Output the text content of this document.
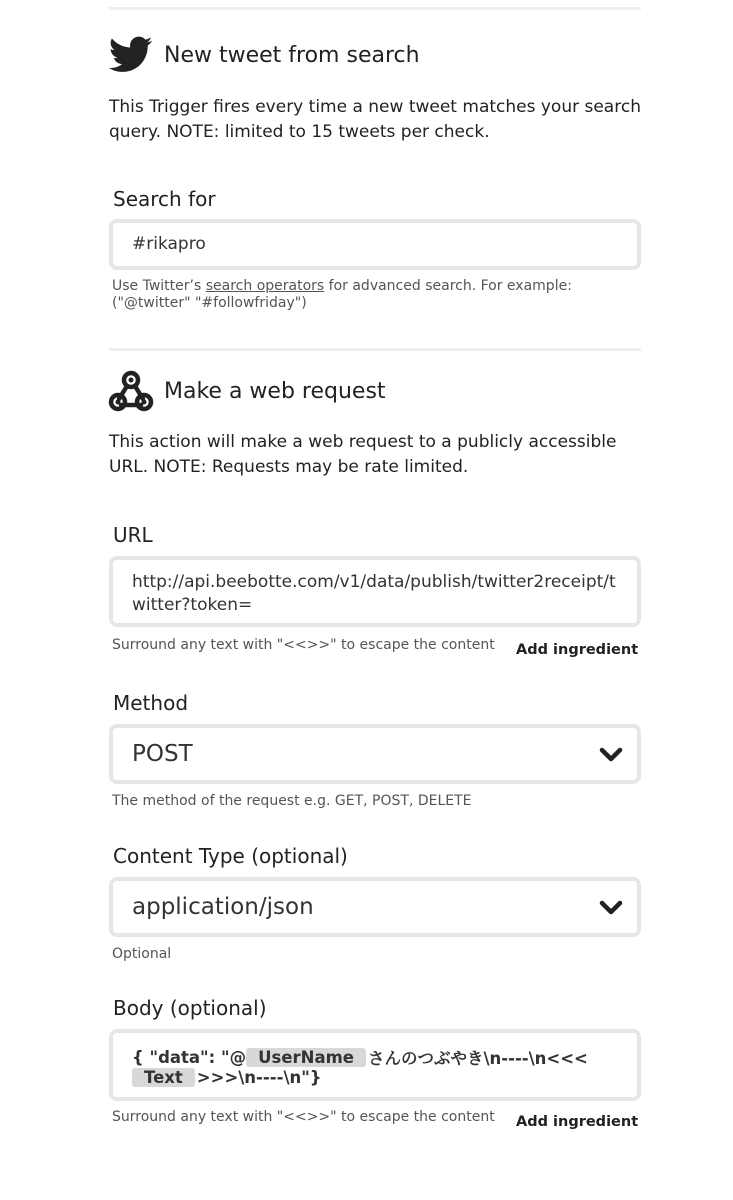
New tweet from search
This Trigger fires every time a new tweet matches your search query. NOTE: limited to 15 tweets per check.
Search for
#rikapro
Use Twitter’s search operators for advanced search. For example: ("@twitter" "#followfriday")
Make a web request
This action will make a web request to a publicly accessible URL. NOTE: Requests may be rate limited.
URL
http://api.beebotte.com/v1/data/publish/twitter2receipt/t
witter?token=
Surround any text with "<<>>" to escape the content	Add ingredient
Method
POST
The method of the request e.g. GET, POST, DELETE
Content Type (optional)
application/json
Optional
Body (optional)
{ "data": "@ UserName さんのつぶやき\n----\n<<<
Text >>>\n----\n"}
Surround any text with "<<>>" to escape the content	Add ingredient
